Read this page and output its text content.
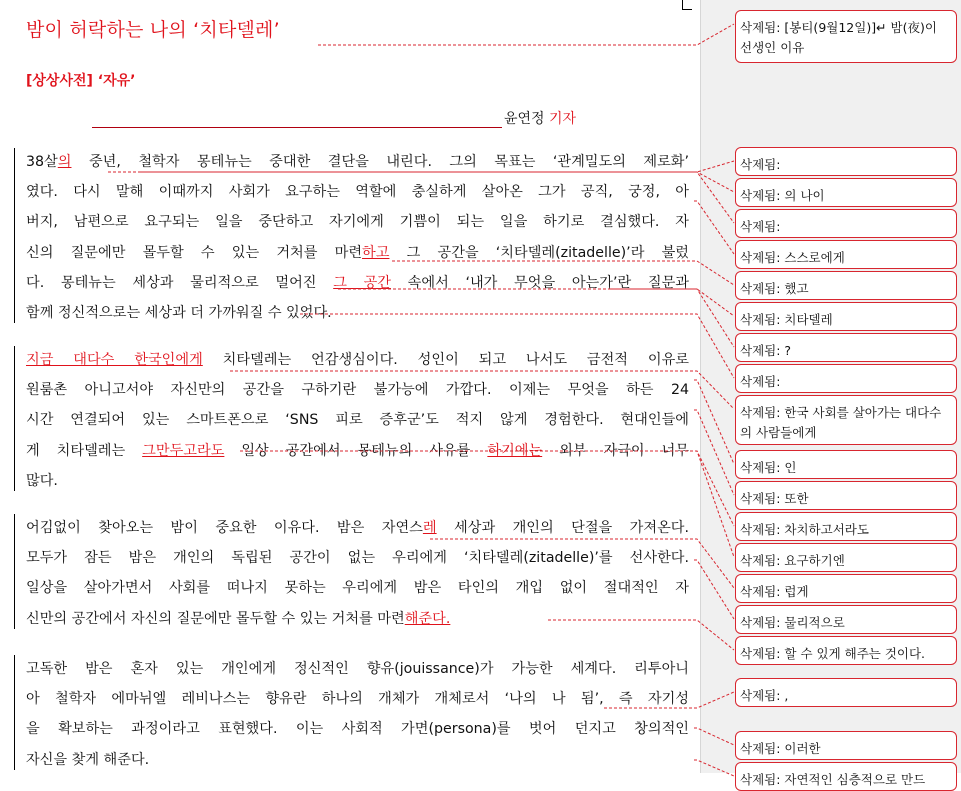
밤이 허락하는 나의 ‘치타델레’
[상상사전] ‘자유’
윤연정 기자
38살의 중년, 철학자 몽테뉴는 중대한 결단을 내린다. 그의 목표는 ‘관계밀도의 제로화’
였다. 다시 말해 이때까지 사회가 요구하는 역할에 충실하게 살아온 그가 공직, 궁정, 아
버지, 남편으로 요구되는 일을 중단하고 자기에게 기쁨이 되는 일을 하기로 결심했다. 자
신의 질문에만 몰두할 수 있는 거처를 마련하고 그 공간을 ‘치타델레(zitadelle)’라 불렀
다. 몽테뉴는 세상과 물리적으로 멀어진 그 공간 속에서 ‘내가 무엇을 아는가’란 질문과
함께 정신적으로는 세상과 더 가까워질 수 있었다.
지금 대다수 한국인에게 치타델레는 언감생심이다. 성인이 되고 나서도 금전적 이유로
원룸촌 아니고서야 자신만의 공간을 구하기란 불가능에 가깝다. 이제는 무엇을 하든 24
시간 연결되어 있는 스마트폰으로 ‘SNS 피로 증후군’도 적지 않게 경험한다. 현대인들에
게 치타델레는 그만두고라도 일상 공간에서 몽테뉴의 사유를 하기에는 외부 자극이 너무
많다.
어김없이 찾아오는 밤이 중요한 이유다. 밤은 자연스레 세상과 개인의 단절을 가져온다.
모두가 잠든 밤은 개인의 독립된 공간이 없는 우리에게 ‘치타델레(zitadelle)’를 선사한다.
일상을 살아가면서 사회를 떠나지 못하는 우리에게 밤은 타인의 개입 없이 절대적인 자
신만의 공간에서 자신의 질문에만 몰두할 수 있는 거처를 마련해준다.
고독한 밤은 혼자 있는 개인에게 정신적인 향유(jouissance)가 가능한 세계다. 리투아니
아 철학자 에마뉘엘 레비나스는 향유란 하나의 개체가 개체로서 ‘나의 나 됨’, 즉 자기성
을 확보하는 과정이라고 표현했다. 이는 사회적 가면(persona)를 벗어 던지고 창의적인
자신을 찾게 해준다.
삭제됨: [봉티(9월12일)]↵ 밤(夜)이 선생인 이유
삭제됨:
삭제됨: 의 나이
삭제됨:
삭제됨: 스스로에게
삭제됨: 했고
삭제됨: 치타델레
삭제됨: ?
삭제됨:
삭제됨: 한국 사회를 살아가는 대다수의 사람들에게
삭제됨: 인
삭제됨: 또한
삭제됨: 차치하고서라도
삭제됨: 요구하기엔
삭제됨: 럽게
삭제됨: 물리적으로
삭제됨: 할 수 있게 해주는 것이다.
삭제됨: ,
삭제됨: 이러한
삭제됨: 자연적인 심층적으로 만드
